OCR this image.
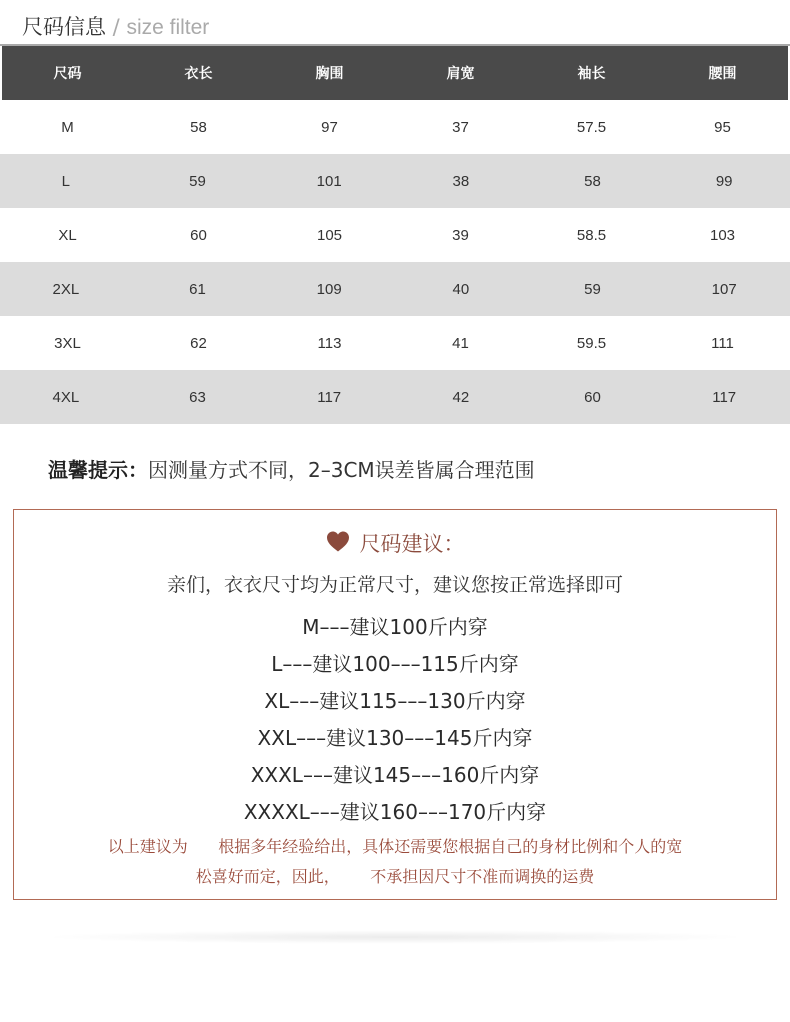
尺码信息 / size filter
尺码	衣长	胸围	肩宽	袖长	腰围
M	58	97	37	57.5	95
L	59	101	38	58	99
XL	60	105	39	58.5	103
2XL	61	109	40	59	107
3XL	62	113	41	59.5	111
4XL	63	117	42	60	117
温馨提示：因测量方式不同，2–3CM误差皆属合理范围
尺码建议：
亲们，衣衣尺寸均为正常尺寸，建议您按正常选择即可
M–––建议100斤内穿
L–––建议100–––115斤内穿
XL–––建议115–––130斤内穿
XXL–––建议130–––145斤内穿
XXXL–––建议145–––160斤内穿
XXXXL–––建议160–––170斤内穿
以上建议为      根据多年经验给出，具体还需要您根据自己的身材比例和个人的宽
松喜好而定，因此，      不承担因尺寸不准而调换的运费
